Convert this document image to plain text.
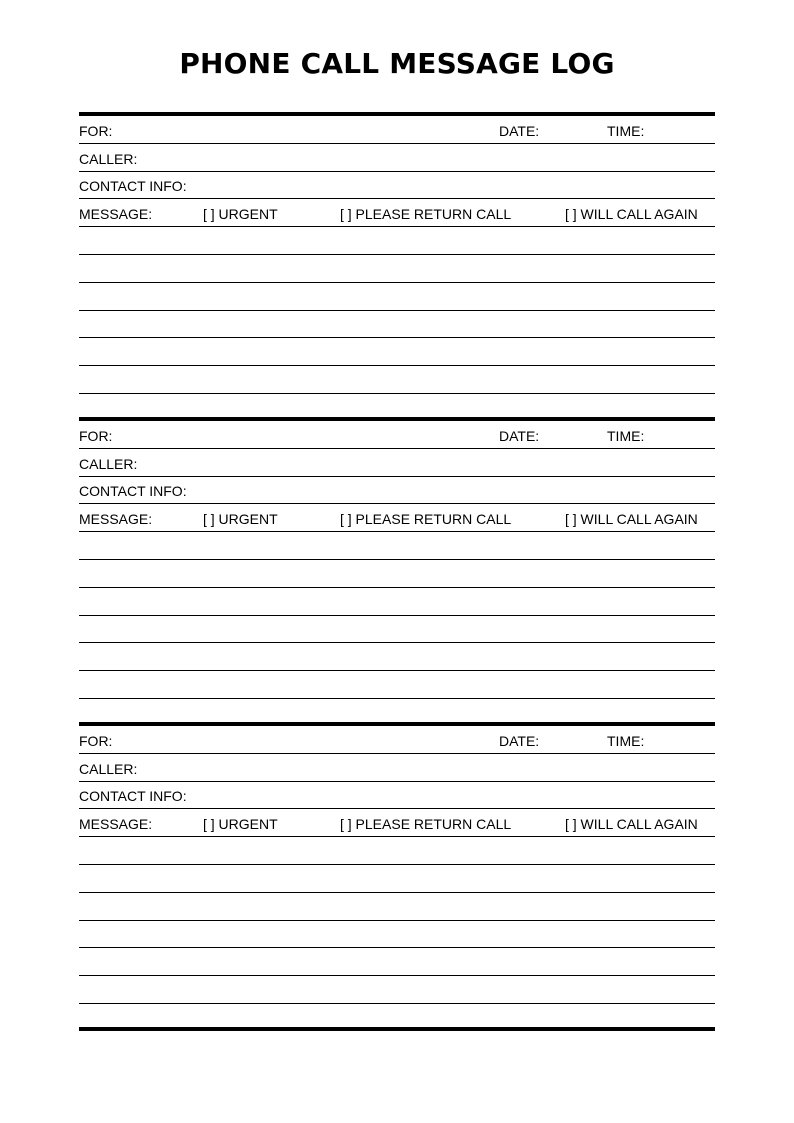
PHONE CALL MESSAGE LOG
FOR:	DATE:	TIME:
CALLER:
CONTACT INFO:
MESSAGE:	[ ] URGENT	[ ] PLEASE RETURN CALL	[ ] WILL CALL AGAIN
FOR:	DATE:	TIME:
CALLER:
CONTACT INFO:
MESSAGE:	[ ] URGENT	[ ] PLEASE RETURN CALL	[ ] WILL CALL AGAIN
FOR:	DATE:	TIME:
CALLER:
CONTACT INFO:
MESSAGE:	[ ] URGENT	[ ] PLEASE RETURN CALL	[ ] WILL CALL AGAIN
